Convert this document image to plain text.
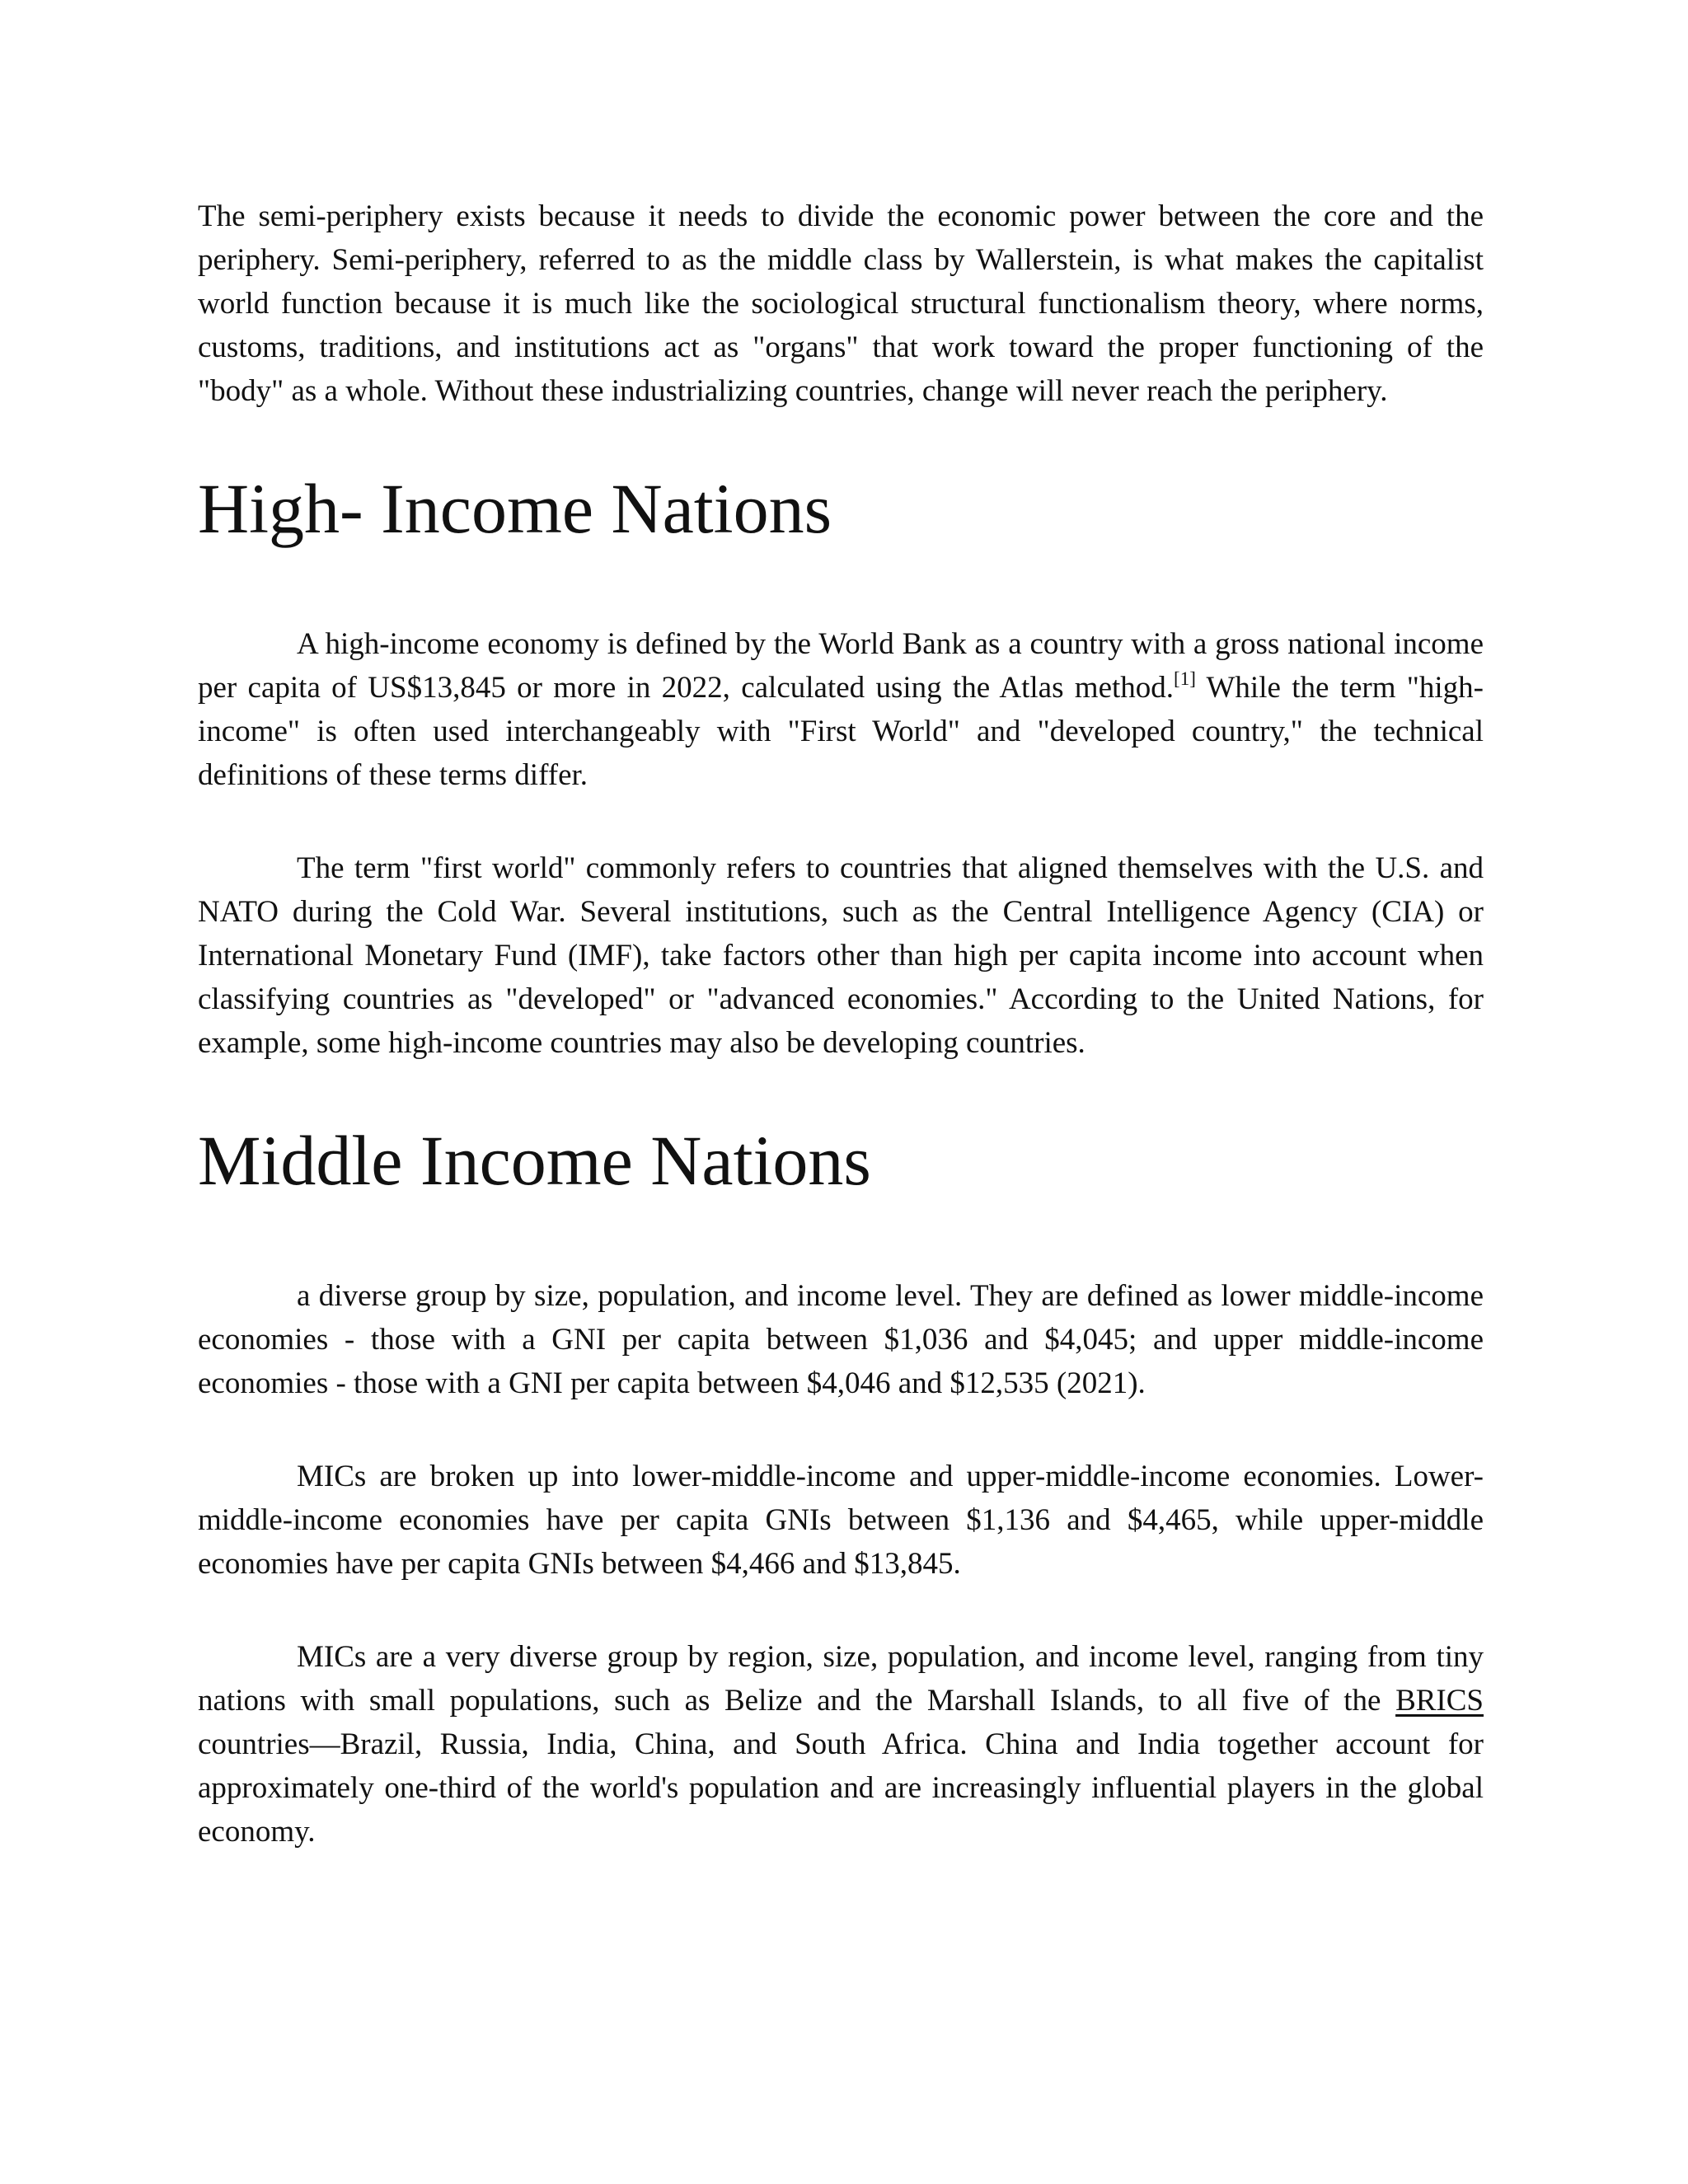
The semi-periphery exists because it needs to divide the economic power between the core and the periphery. Semi-periphery, referred to as the middle class by Wallerstein, is what makes the capitalist world function because it is much like the sociological structural functionalism theory, where norms, customs, traditions, and institutions act as "organs" that work toward the proper functioning of the "body" as a whole. Without these industrializing countries, change will never reach the periphery.

High- Income Nations

A high-income economy is defined by the World Bank as a country with a gross national income per capita of US$13,845 or more in 2022, calculated using the Atlas method.[1] While the term "high-income" is often used interchangeably with "First World" and "developed country," the technical definitions of these terms differ.

The term "first world" commonly refers to countries that aligned themselves with the U.S. and NATO during the Cold War. Several institutions, such as the Central Intelligence Agency (CIA) or International Monetary Fund (IMF), take factors other than high per capita income into account when classifying countries as "developed" or "advanced economies." According to the United Nations, for example, some high-income countries may also be developing countries.

Middle Income Nations

a diverse group by size, population, and income level. They are defined as lower middle-income economies - those with a GNI per capita between $1,036 and $4,045; and upper middle-income economies - those with a GNI per capita between $4,046 and $12,535 (2021).

MICs are broken up into lower-middle-income and upper-middle-income economies. Lower-middle-income economies have per capita GNIs between $1,136 and $4,465, while upper-middle economies have per capita GNIs between $4,466 and $13,845.

MICs are a very diverse group by region, size, population, and income level, ranging from tiny nations with small populations, such as Belize and the Marshall Islands, to all five of the BRICS countries—Brazil, Russia, India, China, and South Africa. China and India together account for approximately one-third of the world's population and are increasingly influential players in the global economy.
